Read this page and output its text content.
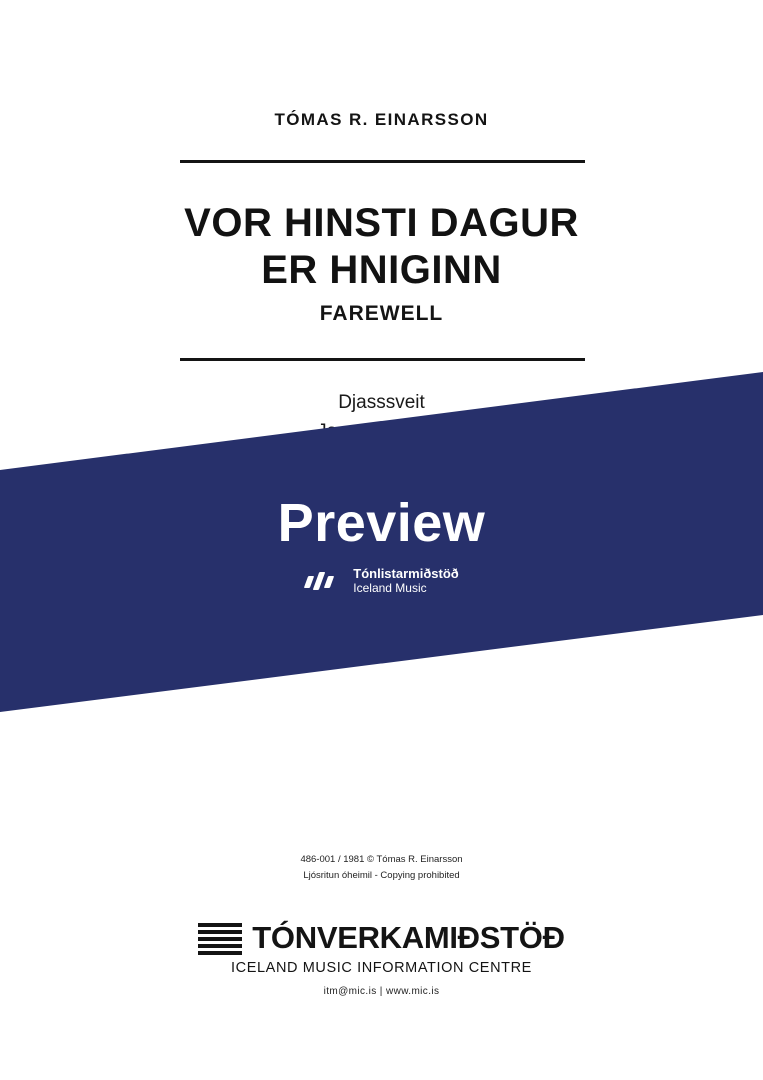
TÓMAS R. EINARSSON
VOR HINSTI DAGUR
ER HNIGINN
FAREWELL
Djasssveit
Preview
Tónlistarmiðstöð
Iceland Music
486-001 / 1981 © Tómas R. Einarsson
Ljósritun óheimil - Copying prohibited
TÓNVERKAMIÐSTÖÐ
ICELAND MUSIC INFORMATION CENTRE
itm@mic.is | www.mic.is
